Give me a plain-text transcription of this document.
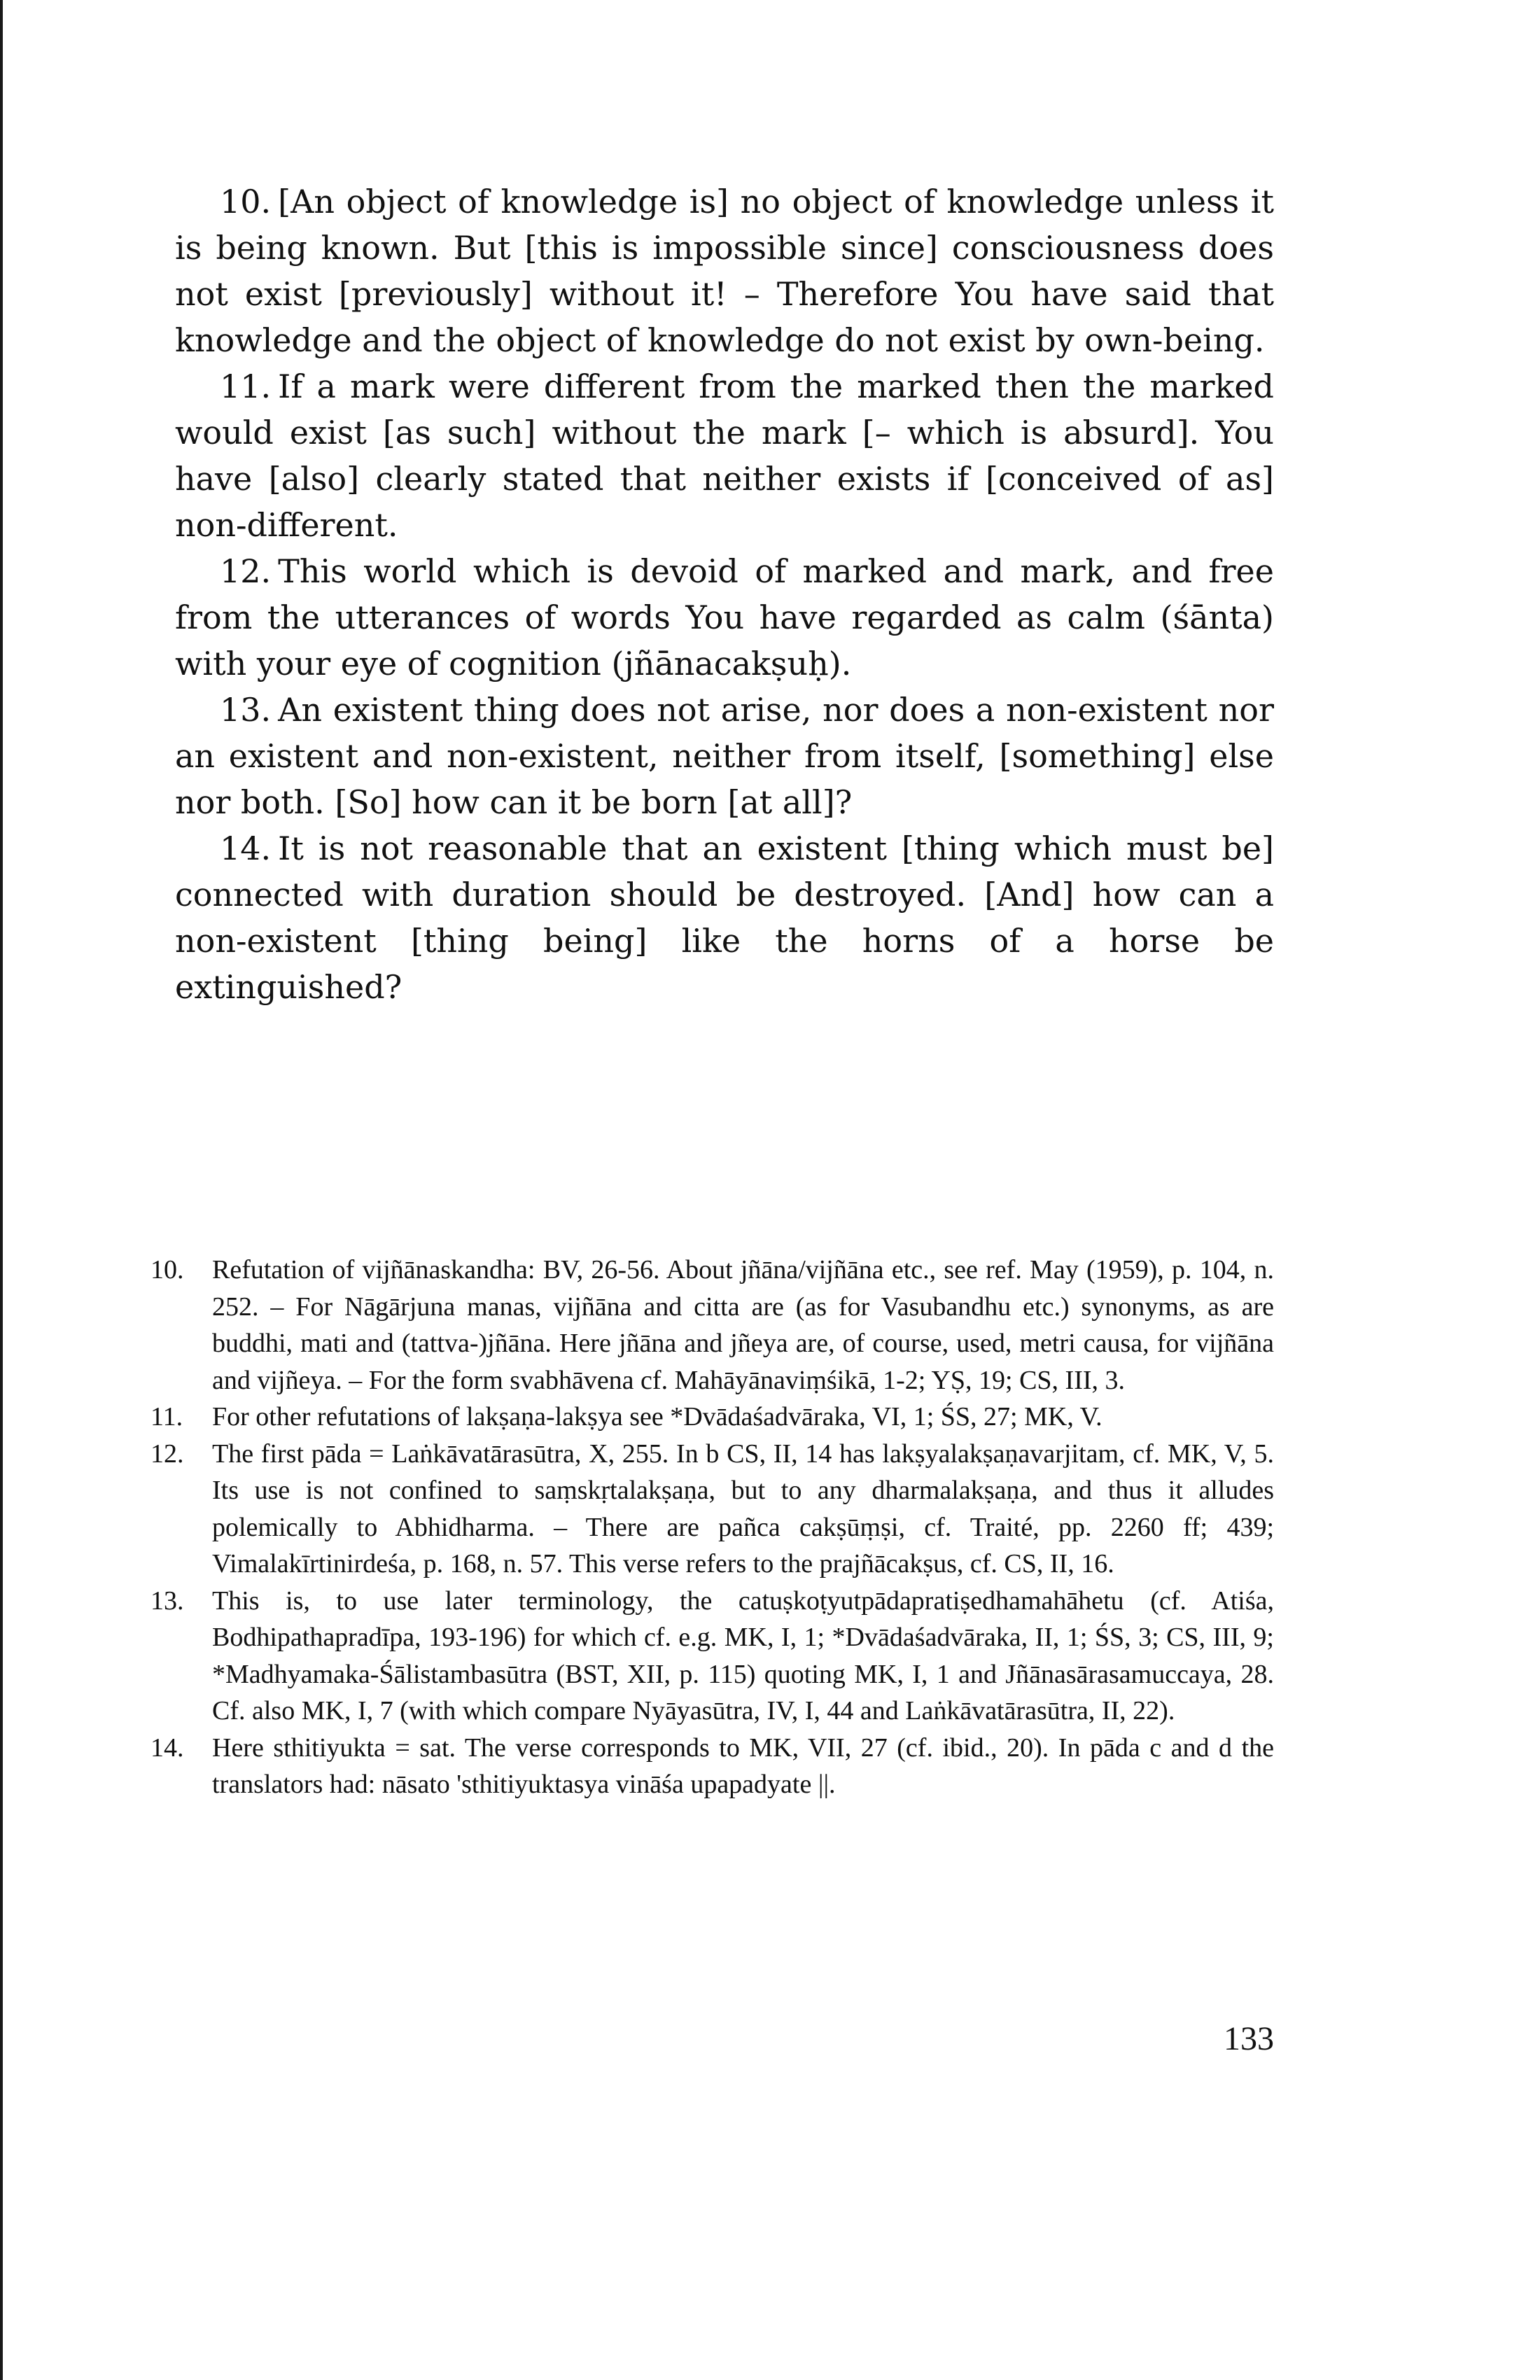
10. [An object of knowledge is] no object of knowledge unless it is being known. But [this is impossible since] consciousness does not exist [previously] without it! – Therefore You have said that knowledge and the object of knowledge do not exist by own-being.

11. If a mark were different from the marked then the marked would exist [as such] without the mark [– which is absurd]. You have [also] clearly stated that neither exists if [conceived of as] non-different.

12. This world which is devoid of marked and mark, and free from the utterances of words You have regarded as calm (śānta) with your eye of cognition (jñānacakṣuḥ).

13. An existent thing does not arise, nor does a non-existent nor an existent and non-existent, neither from itself, [something] else nor both. [So] how can it be born [at all]?

14. It is not reasonable that an existent [thing which must be] connected with duration should be destroyed. [And] how can a non-existent [thing being] like the horns of a horse be extinguished?

10.	Refutation of vijñānaskandha: BV, 26-56. About jñāna/vijñāna etc., see ref. May (1959), p. 104, n. 252. – For Nāgārjuna manas, vijñāna and citta are (as for Vasubandhu etc.) synonyms, as are buddhi, mati and (tattva-)jñāna. Here jñāna and jñeya are, of course, used, metri causa, for vijñāna and vijñeya. – For the form svabhāvena cf. Mahāyānaviṃśikā, 1-2; YṢ, 19; CS, III, 3.

11.	For other refutations of lakṣaṇa-lakṣya see *Dvādaśadvāraka, VI, 1; ŚS, 27; MK, V.

12.	The first pāda = Laṅkāvatārasūtra, X, 255. In b CS, II, 14 has lakṣyalakṣaṇavarjitam, cf. MK, V, 5. Its use is not confined to saṃskṛtalakṣaṇa, but to any dharmalakṣaṇa, and thus it alludes polemically to Abhidharma. – There are pañca cakṣūṃṣi, cf. Traité, pp. 2260 ff; 439; Vimalakīrtinirdeśa, p. 168, n. 57. This verse refers to the prajñācakṣus, cf. CS, II, 16.

13.	This is, to use later terminology, the catuṣkoṭyutpādapratiṣedhamahāhetu (cf. Atiśa, Bodhipathapradīpa, 193-196) for which cf. e.g. MK, I, 1; *Dvādaśadvāraka, II, 1; ŚS, 3; CS, III, 9; *Madhyamaka-Śālistambasūtra (BST, XII, p. 115) quoting MK, I, 1 and Jñānasārasamuccaya, 28. Cf. also MK, I, 7 (with which compare Nyāyasūtra, IV, I, 44 and Laṅkāvatārasūtra, II, 22).

14.	Here sthitiyukta = sat. The verse corresponds to MK, VII, 27 (cf. ibid., 20). In pāda c and d the translators had: nāsato 'sthitiyuktasya vināśa upapadyate ||.

133
